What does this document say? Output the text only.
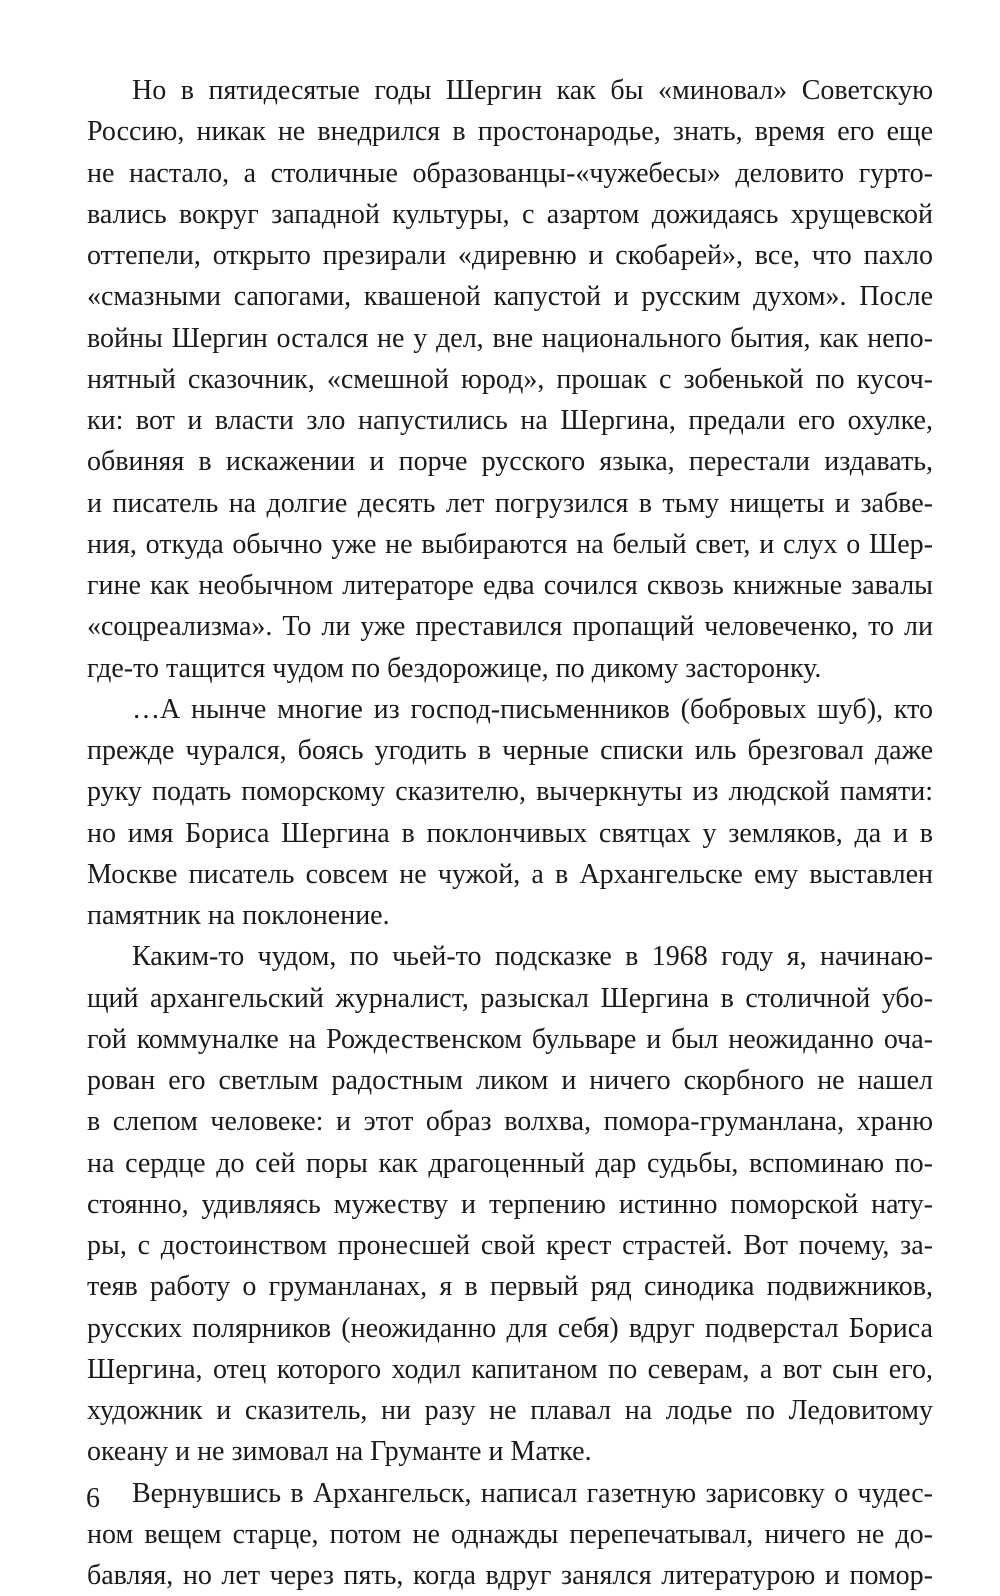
Но в пятидесятые годы Шергин как бы «миновал» Советскую
Россию, никак не внедрился в простонародье, знать, время его еще
не настало, а столичные образованцы-«чужебесы» деловито гурто-
вались вокруг западной культуры, с азартом дожидаясь хрущевской
оттепели, открыто презирали «диревню и скобарей», все, что пахло
«смазными сапогами, квашеной капустой и русским духом». После
войны Шергин остался не у дел, вне национального бытия, как непо-
нятный сказочник, «смешной юрод», прошак с зобенькой по кусоч-
ки: вот и власти зло напустились на Шергина, предали его охулке,
обвиняя в искажении и порче русского языка, перестали издавать,
и писатель на долгие десять лет погрузился в тьму нищеты и забве-
ния, откуда обычно уже не выбираются на белый свет, и слух о Шер-
гине как необычном литераторе едва сочился сквозь книжные завалы
«соцреализма». То ли уже преставился пропащий человеченко, то ли
где-то тащится чудом по бездорожице, по дикому засторонку.
…А нынче многие из господ-письменников (бобровых шуб), кто
прежде чурался, боясь угодить в черные списки иль брезговал даже
руку подать поморскому сказителю, вычеркнуты из людской памяти:
но имя Бориса Шергина в поклончивых святцах у земляков, да и в
Москве писатель совсем не чужой, а в Архангельске ему выставлен
памятник на поклонение.
Каким-то чудом, по чьей-то подсказке в 1968 году я, начинаю-
щий архангельский журналист, разыскал Шергина в столичной убо-
гой коммуналке на Рождественском бульваре и был неожиданно оча-
рован его светлым радостным ликом и ничего скорбного не нашел
в слепом человеке: и этот образ волхва, помора-груманлана, храню
на сердце до сей поры как драгоценный дар судьбы, вспоминаю по-
стоянно, удивляясь мужеству и терпению истинно поморской нату-
ры, с достоинством пронесшей свой крест страстей. Вот почему, за-
теяв работу о груманланах, я в первый ряд синодика подвижников,
русских полярников (неожиданно для себя) вдруг подверстал Бориса
Шергина, отец которого ходил капитаном по северам, а вот сын его,
художник и сказитель, ни разу не плавал на лодье по Ледовитому
океану и не зимовал на Груманте и Матке.
Вернувшись в Архангельск, написал газетную зарисовку о чудес-
ном вещем старце, потом не однажды перепечатывал, ничего не до-
бавляя, но лет через пять, когда вдруг занялся литературою и помор-
6
